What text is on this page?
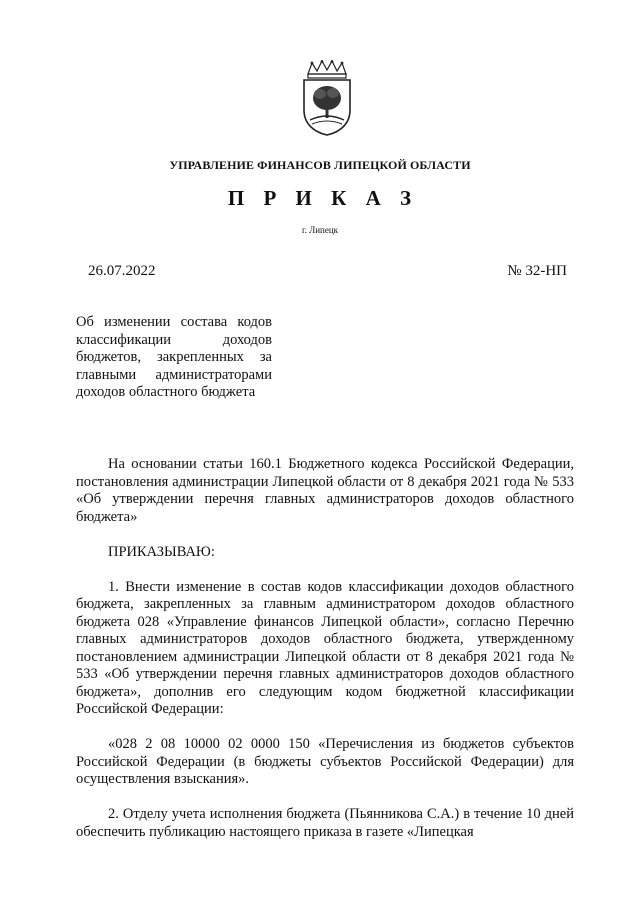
УПРАВЛЕНИЕ ФИНАНСОВ ЛИПЕЦКОЙ ОБЛАСТИ
П Р И К А З
г. Липецк
26.07.2022	№ 32-НП
Об изменении состава кодов классификации доходов бюджетов, закрепленных за главными администраторами доходов областного бюджета

На основании статьи 160.1 Бюджетного кодекса Российской Федерации, постановления администрации Липецкой области от 8 декабря 2021 года № 533 «Об утверждении перечня главных администраторов доходов областного бюджета»

ПРИКАЗЫВАЮ:

1. Внести изменение в состав кодов классификации доходов областного бюджета, закрепленных за главным администратором доходов областного бюджета 028 «Управление финансов Липецкой области», согласно Перечню главных администраторов доходов областного бюджета, утвержденному постановлением администрации Липецкой области от 8 декабря 2021 года № 533 «Об утверждении перечня главных администраторов доходов областного бюджета», дополнив его следующим кодом бюджетной классификации Российской Федерации:

«028 2 08 10000 02 0000 150 «Перечисления из бюджетов субъектов Российской Федерации (в бюджеты субъектов Российской Федерации) для осуществления взыскания».

2. Отделу учета исполнения бюджета (Пьянникова С.А.) в течение 10 дней обеспечить публикацию настоящего приказа в газете «Липецкая
